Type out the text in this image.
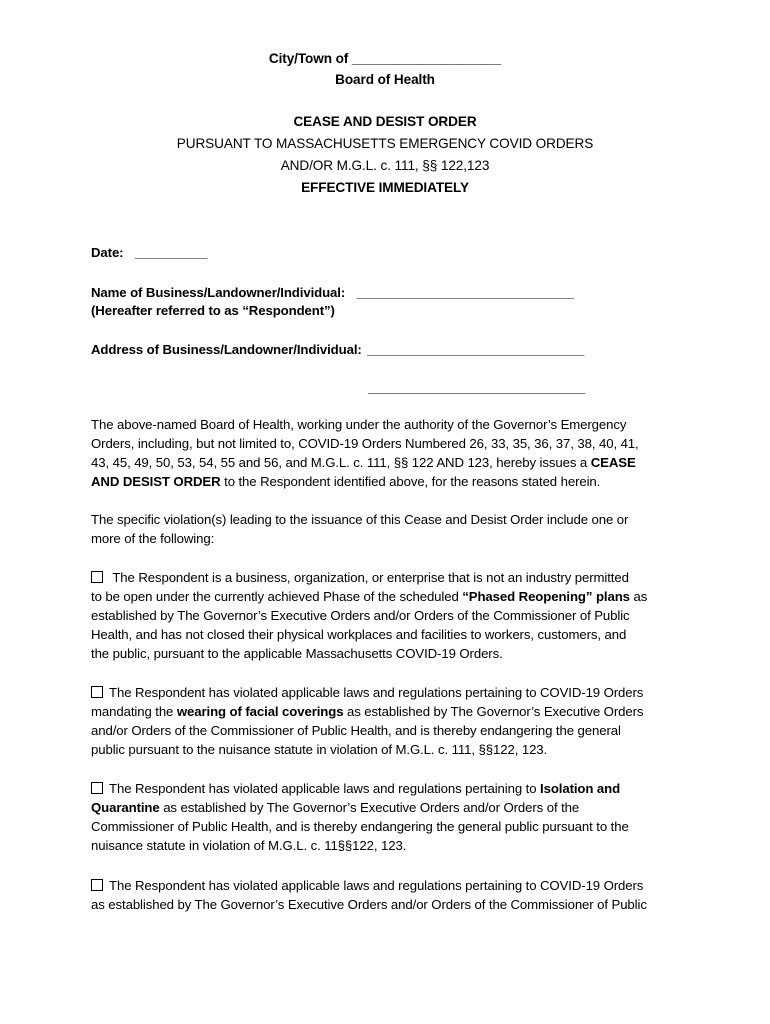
City/Town of ____________________
Board of Health
CEASE AND DESIST ORDER
PURSUANT TO MASSACHUSETTS EMERGENCY COVID ORDERS
AND/OR M.G.L. c. 111, §§ 122,123
EFFECTIVE IMMEDIATELY
Date: __________
Name of Business/Landowner/Individual: ______________________________
(Hereafter referred to as “Respondent”)
Address of Business/Landowner/Individual: ______________________________
______________________________
The above-named Board of Health, working under the authority of the Governor’s Emergency
Orders, including, but not limited to, COVID-19 Orders Numbered 26, 33, 35, 36, 37, 38, 40, 41,
43, 45, 49, 50, 53, 54, 55 and 56, and M.G.L. c. 111, §§ 122 AND 123, hereby issues a CEASE
AND DESIST ORDER to the Respondent identified above, for the reasons stated herein.
The specific violation(s) leading to the issuance of this Cease and Desist Order include one or
more of the following:
The Respondent is a business, organization, or enterprise that is not an industry permitted
to be open under the currently achieved Phase of the scheduled “Phased Reopening” plans as
established by The Governor’s Executive Orders and/or Orders of the Commissioner of Public
Health, and has not closed their physical workplaces and facilities to workers, customers, and
the public, pursuant to the applicable Massachusetts COVID-19 Orders.
The Respondent has violated applicable laws and regulations pertaining to COVID-19 Orders
mandating the wearing of facial coverings as established by The Governor’s Executive Orders
and/or Orders of the Commissioner of Public Health, and is thereby endangering the general
public pursuant to the nuisance statute in violation of M.G.L. c. 111, §§122, 123.
The Respondent has violated applicable laws and regulations pertaining to Isolation and
Quarantine as established by The Governor’s Executive Orders and/or Orders of the
Commissioner of Public Health, and is thereby endangering the general public pursuant to the
nuisance statute in violation of M.G.L. c. 11§§122, 123.
The Respondent has violated applicable laws and regulations pertaining to COVID-19 Orders
as established by The Governor’s Executive Orders and/or Orders of the Commissioner of Public
